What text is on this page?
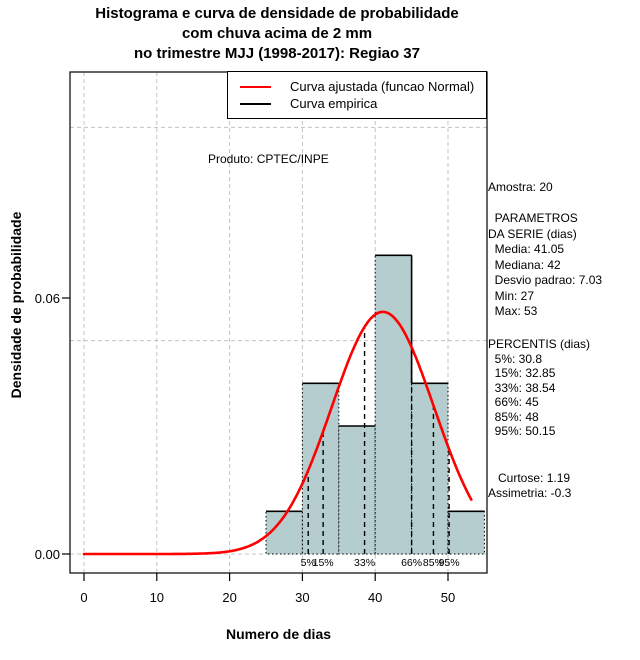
Histograma e curva de densidade de probabilidade
com chuva acima de 2 mm
no trimestre MJJ (1998-2017): Regiao 37
Densidade de probabilidade
Numero de dias
Curva ajustada (funcao Normal)
Curva empirica
Produto: CPTEC/INPE
Amostra: 20

PARAMETROS
DA SERIE (dias)
Media: 41.05
Mediana: 42
Desvio padrao: 7.03
Min: 27
Max: 53
PERCENTIS (dias)
5%: 30.8
15%: 32.85
33%: 38.54
66%: 45
85%: 48
95%: 50.15
Curtose: 1.19
Assimetria: -0.3
0	10	20	30	40	50
0.00
0.06
5%
15%	33%	66% 85%
95%
